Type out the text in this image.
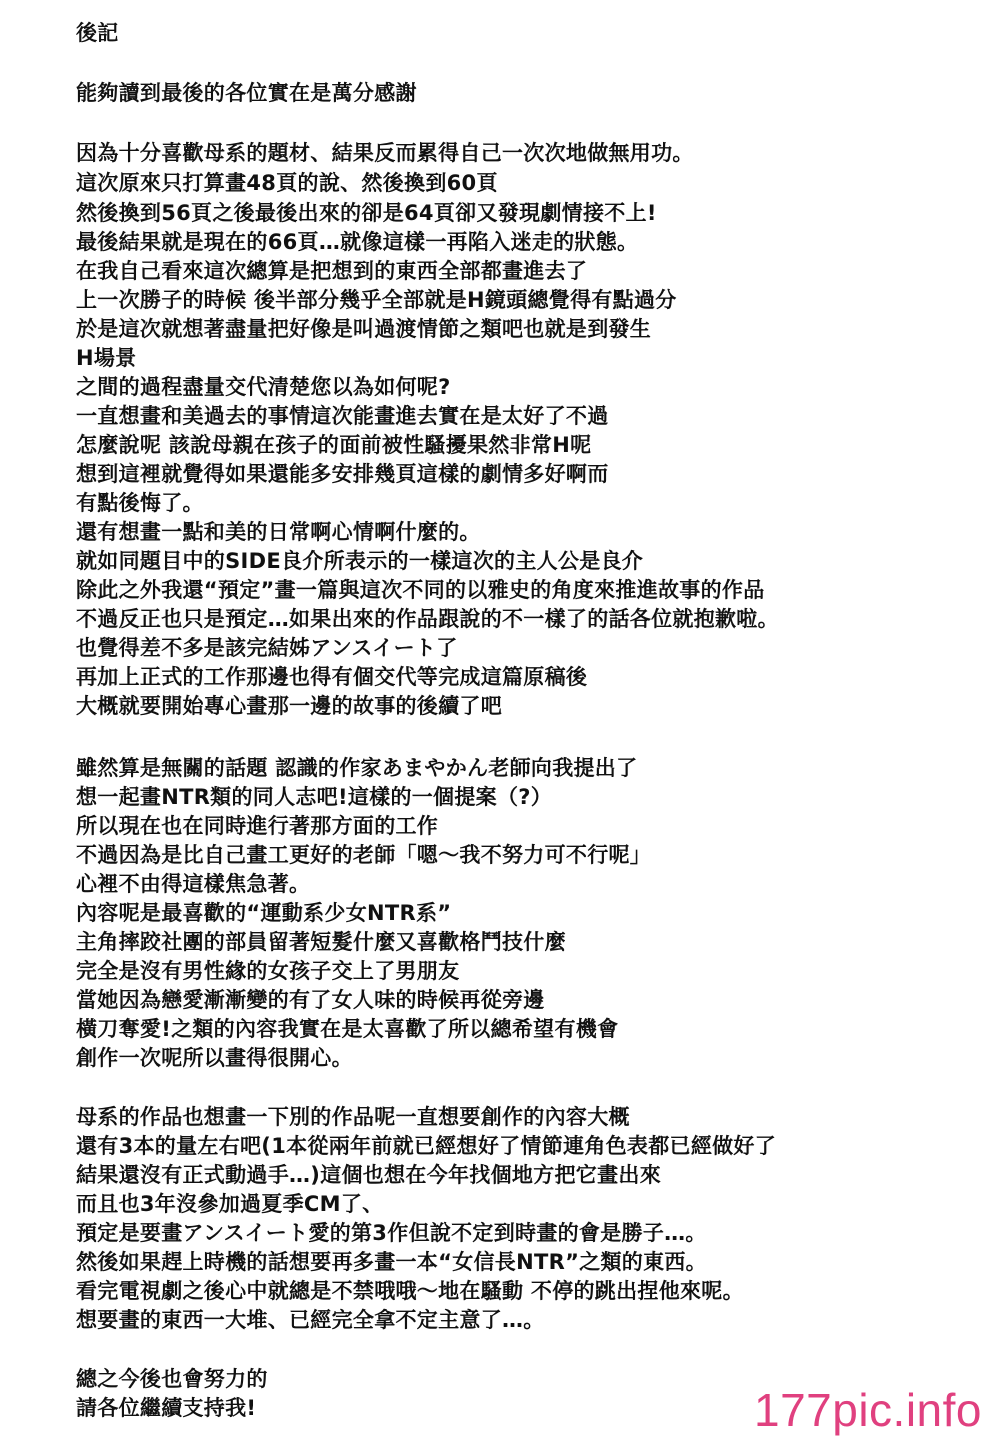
後記
能夠讀到最後的各位實在是萬分感謝
因為十分喜歡母系的題材、結果反而累得自己一次次地做無用功。
這次原來只打算畫48頁的說、然後換到60頁
然後換到56頁之後最後出來的卻是64頁卻又發現劇情接不上!
最後結果就是現在的66頁…就像這樣一再陷入迷走的狀態。
在我自己看來這次總算是把想到的東西全部都畫進去了
上一次勝子的時候 後半部分幾乎全部就是H鏡頭總覺得有點過分
於是這次就想著盡量把好像是叫過渡情節之類吧也就是到發生
H場景
之間的過程盡量交代清楚您以為如何呢?
一直想畫和美過去的事情這次能畫進去實在是太好了不過
怎麼說呢 該說母親在孩子的面前被性騷擾果然非常H呢
想到這裡就覺得如果還能多安排幾頁這樣的劇情多好啊而
有點後悔了。
還有想畫一點和美的日常啊心情啊什麼的。
就如同題目中的SIDE良介所表示的一樣這次的主人公是良介
除此之外我還“預定”畫一篇與這次不同的以雅史的角度來推進故事的作品
不過反正也只是預定…如果出來的作品跟說的不一樣了的話各位就抱歉啦。
也覺得差不多是該完結姊アンスイート了
再加上正式的工作那邊也得有個交代等完成這篇原稿後
大概就要開始專心畫那一邊的故事的後續了吧
雖然算是無關的話題 認識的作家あまやかん老師向我提出了
想一起畫NTR類的同人志吧!這樣的一個提案（?）
所以現在也在同時進行著那方面的工作
不過因為是比自己畫工更好的老師「嗯～我不努力可不行呢」
心裡不由得這樣焦急著。
內容呢是最喜歡的“運動系少女NTR系”
主角摔跤社團的部員留著短髮什麼又喜歡格鬥技什麼
完全是沒有男性緣的女孩子交上了男朋友
當她因為戀愛漸漸變的有了女人味的時候再從旁邊
橫刀奪愛!之類的內容我實在是太喜歡了所以總希望有機會
創作一次呢所以畫得很開心。
母系的作品也想畫一下別的作品呢一直想要創作的內容大概
還有3本的量左右吧(1本從兩年前就已經想好了情節連角色表都已經做好了
結果還沒有正式動過手…)這個也想在今年找個地方把它畫出來
而且也3年沒參加過夏季CM了、
預定是要畫アンスイート愛的第3作但說不定到時畫的會是勝子…。
然後如果趕上時機的話想要再多畫一本“女信長NTR”之類的東西。
看完電視劇之後心中就總是不禁哦哦～地在騷動 不停的跳出捏他來呢。
想要畫的東西一大堆、已經完全拿不定主意了…。
總之今後也會努力的
請各位繼續支持我!	177pic.info
